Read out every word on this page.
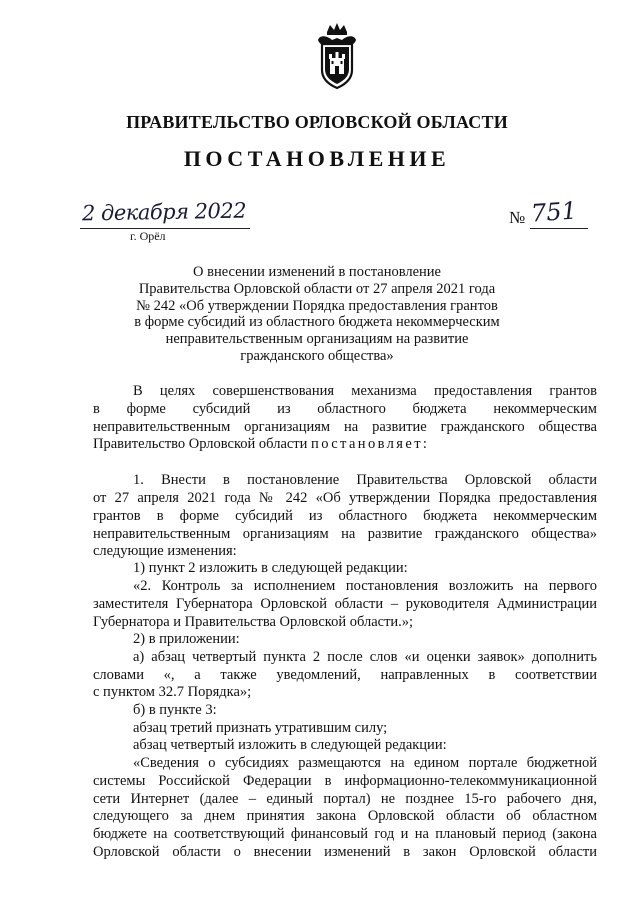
ПРАВИТЕЛЬСТВО ОРЛОВСКОЙ ОБЛАСТИ
ПОСТАНОВЛЕНИЕ
2 декабря 2022
г. Орёл
№ 751
О внесении изменений в постановление
Правительства Орловской области от 27 апреля 2021 года
№ 242 «Об утверждении Порядка предоставления грантов
в форме субсидий из областного бюджета некоммерческим
неправительственным организациям на развитие
гражданского общества»
В целях совершенствования механизма предоставления грантов
в форме субсидий из областного бюджета некоммерческим
неправительственным организациям на развитие гражданского общества
Правительство Орловской области постановляет:
1. Внести в постановление Правительства Орловской области
от 27 апреля 2021 года № 242 «Об утверждении Порядка предоставления
грантов в форме субсидий из областного бюджета некоммерческим
неправительственным организациям на развитие гражданского общества»
следующие изменения:
1) пункт 2 изложить в следующей редакции:
«2. Контроль за исполнением постановления возложить на первого
заместителя Губернатора Орловской области – руководителя Администрации
Губернатора и Правительства Орловской области.»;
2) в приложении:
а) абзац четвертый пункта 2 после слов «и оценки заявок» дополнить
словами «, а также уведомлений, направленных в соответствии
с пунктом 32.7 Порядка»;
б) в пункте 3:
абзац третий признать утратившим силу;
абзац четвертый изложить в следующей редакции:
«Сведения о субсидиях размещаются на едином портале бюджетной
системы Российской Федерации в информационно-телекоммуникационной
сети Интернет (далее – единый портал) не позднее 15-го рабочего дня,
следующего за днем принятия закона Орловской области об областном
бюджете на соответствующий финансовый год и на плановый период (закона
Орловской области о внесении изменений в закон Орловской области
